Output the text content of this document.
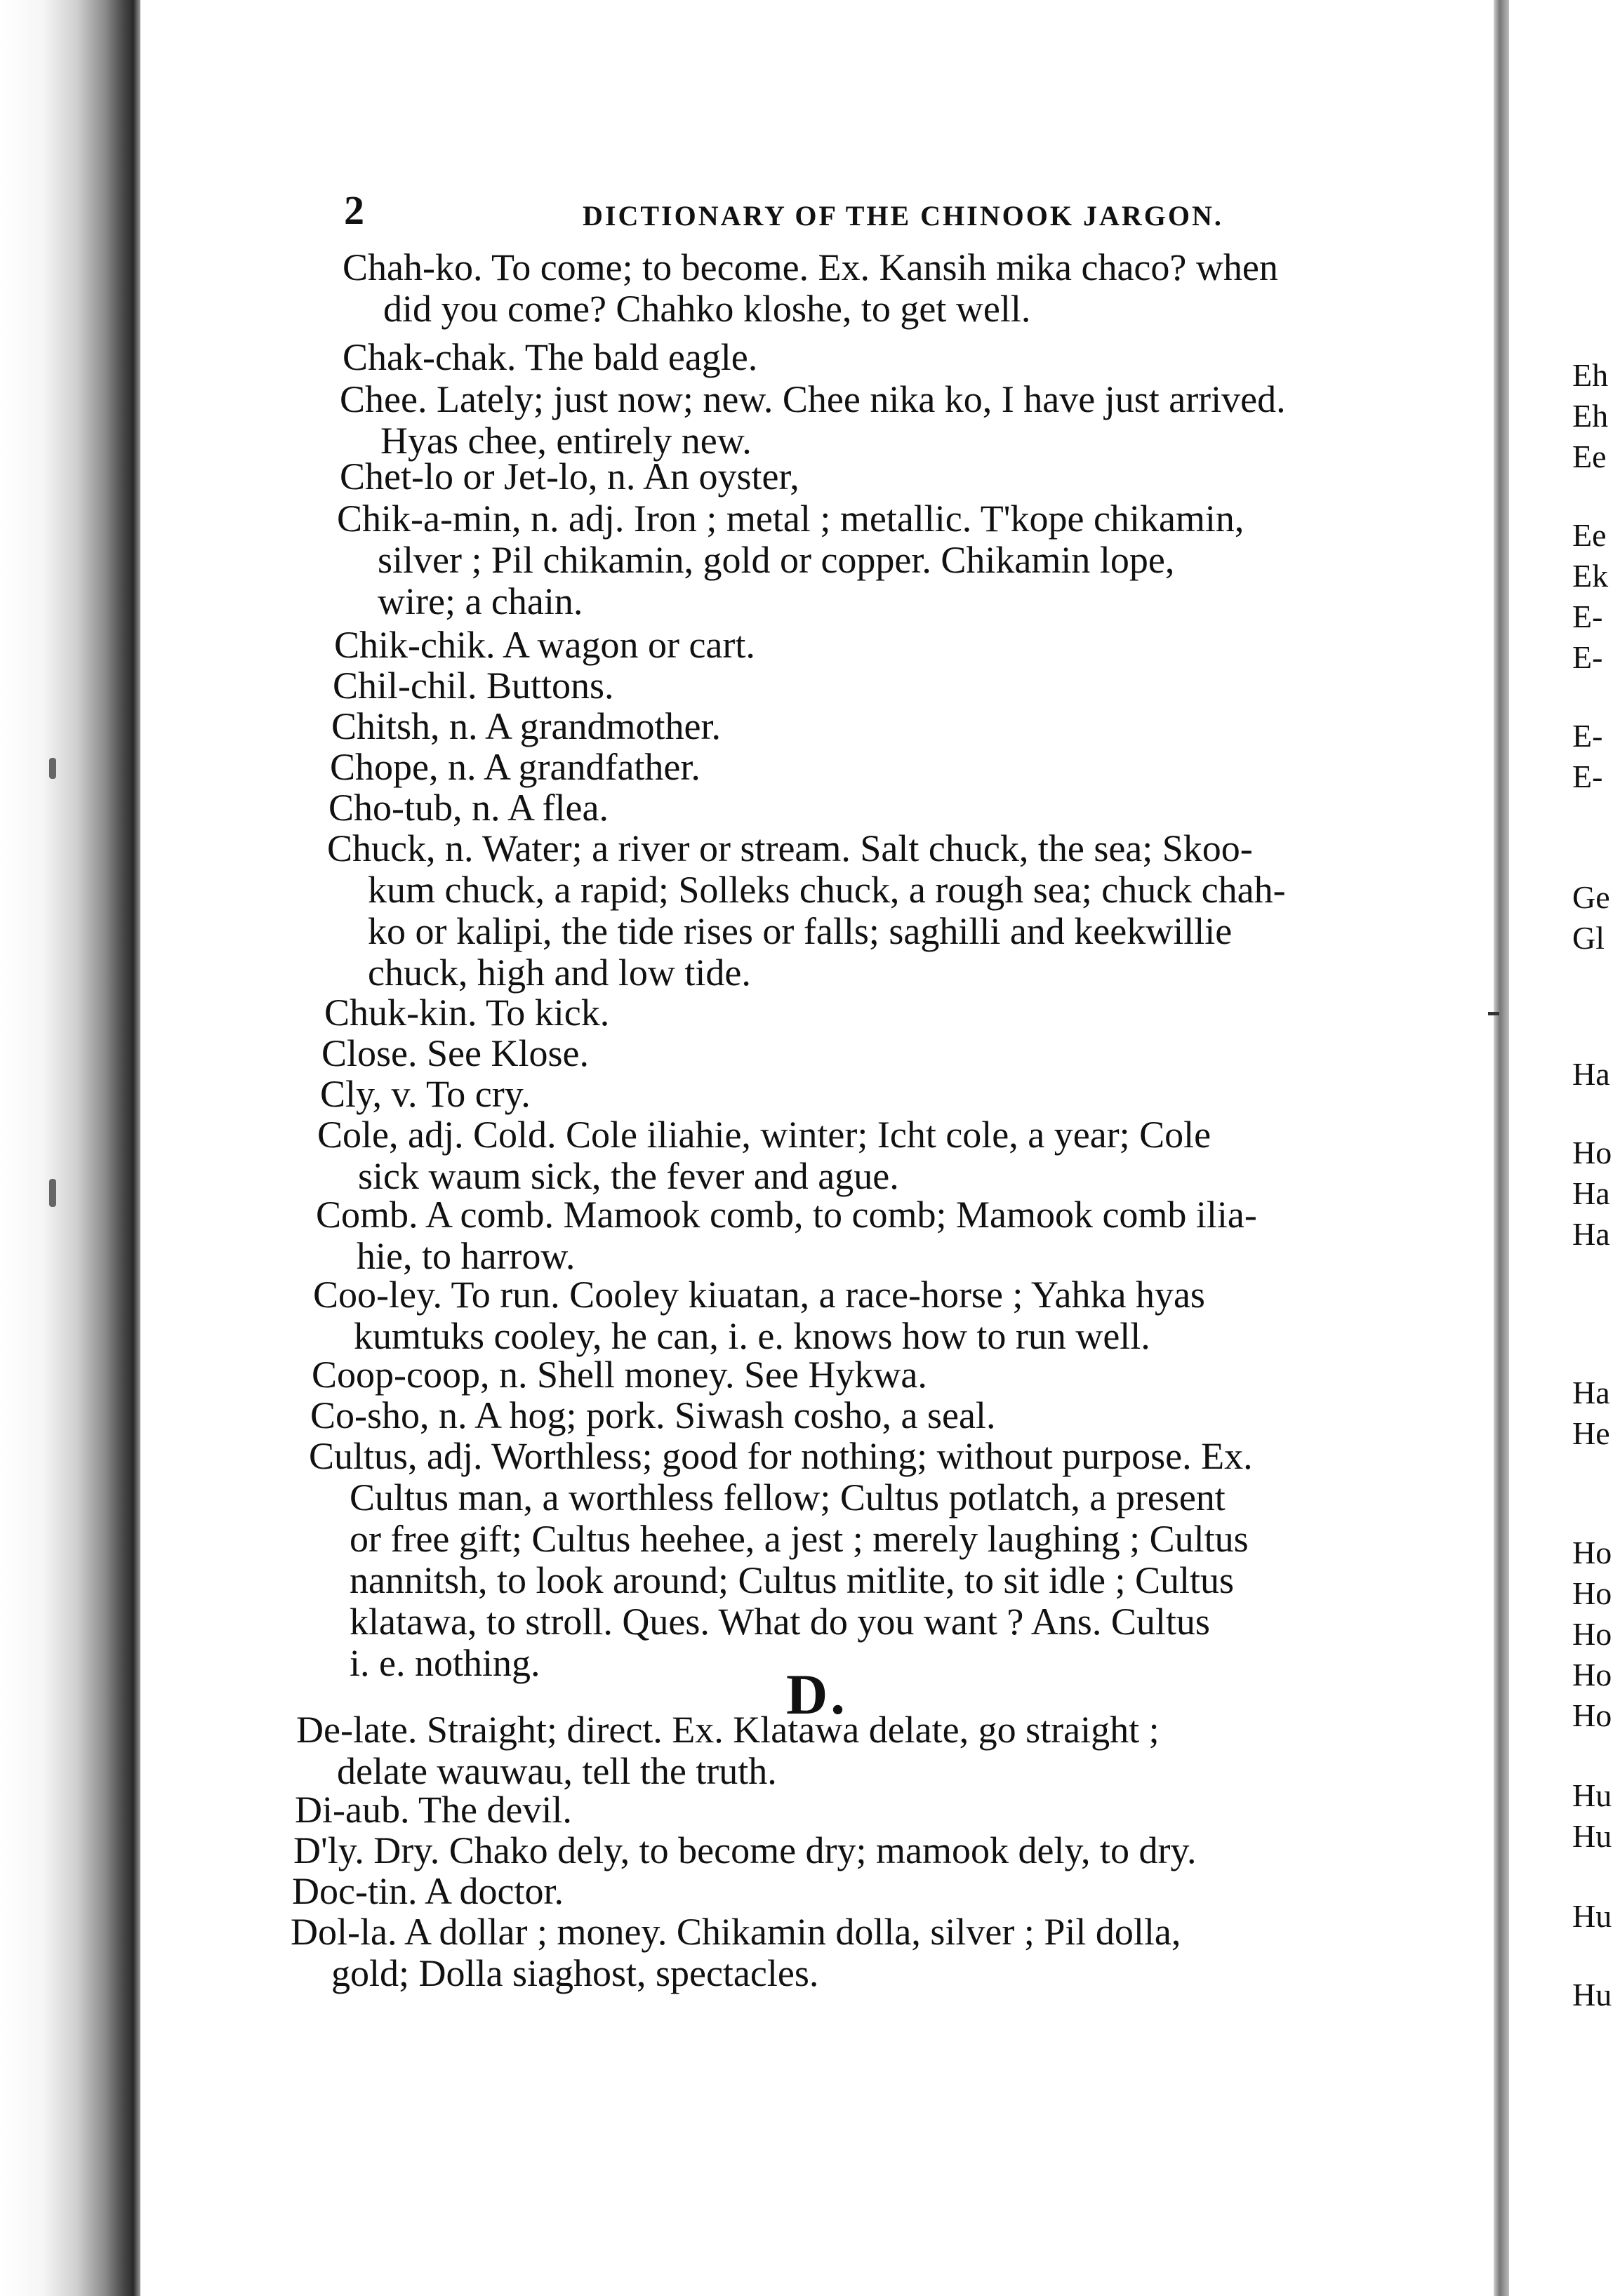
Eh
Eh
Ee
Ee
Ek
E-
E-
E-
E-
Ge
Gl
Ha
Ho
Ha
Ha
Ha
He
Ho
Ho
Ho
Ho
Ho
Hu
Hu
Hu
Hu
2	DICTIONARY OF THE CHINOOK JARGON.
Chah-ko. To come; to become. Ex. Kansih mika chaco? when
did you come? Chahko kloshe, to get well.
Chak-chak. The bald eagle.
Chee. Lately; just now; new. Chee nika ko, I have just arrived.
Hyas chee, entirely new.
Chet-lo or Jet-lo, n. An oyster,
Chik-a-min, n. adj. Iron ; metal ; metallic. T'kope chikamin,
silver ; Pil chikamin, gold or copper. Chikamin lope,
wire; a chain.
Chik-chik. A wagon or cart.
Chil-chil. Buttons.
Chitsh, n. A grandmother.
Chope, n. A grandfather.
Cho-tub, n. A flea.
Chuck, n. Water; a river or stream. Salt chuck, the sea; Skoo-
kum chuck, a rapid; Solleks chuck, a rough sea; chuck chah-
ko or kalipi, the tide rises or falls; saghilli and keekwillie
chuck, high and low tide.
Chuk-kin. To kick.
Close. See Klose.
Cly, v. To cry.
Cole, adj. Cold. Cole iliahie, winter; Icht cole, a year; Cole
sick waum sick, the fever and ague.
Comb. A comb. Mamook comb, to comb; Mamook comb ilia-
hie, to harrow.
Coo-ley. To run. Cooley kiuatan, a race-horse ; Yahka hyas
kumtuks cooley, he can, i. e. knows how to run well.
Coop-coop, n. Shell money. See Hykwa.
Co-sho, n. A hog; pork. Siwash cosho, a seal.
Cultus, adj. Worthless; good for nothing; without purpose. Ex.
Cultus man, a worthless fellow; Cultus potlatch, a present
or free gift; Cultus heehee, a jest ; merely laughing ; Cultus
nannitsh, to look around; Cultus mitlite, to sit idle ; Cultus
klatawa, to stroll. Ques. What do you want ? Ans. Cultus
i. e. nothing.
De-late. Straight; direct. Ex. Klatawa delate, go straight ;
delate wauwau, tell the truth.
Di-aub. The devil.
D'ly. Dry. Chako dely, to become dry; mamook dely, to dry.
Doc-tin. A doctor.
Dol-la. A dollar ; money. Chikamin dolla, silver ; Pil dolla,
gold; Dolla siaghost, spectacles.
D.
